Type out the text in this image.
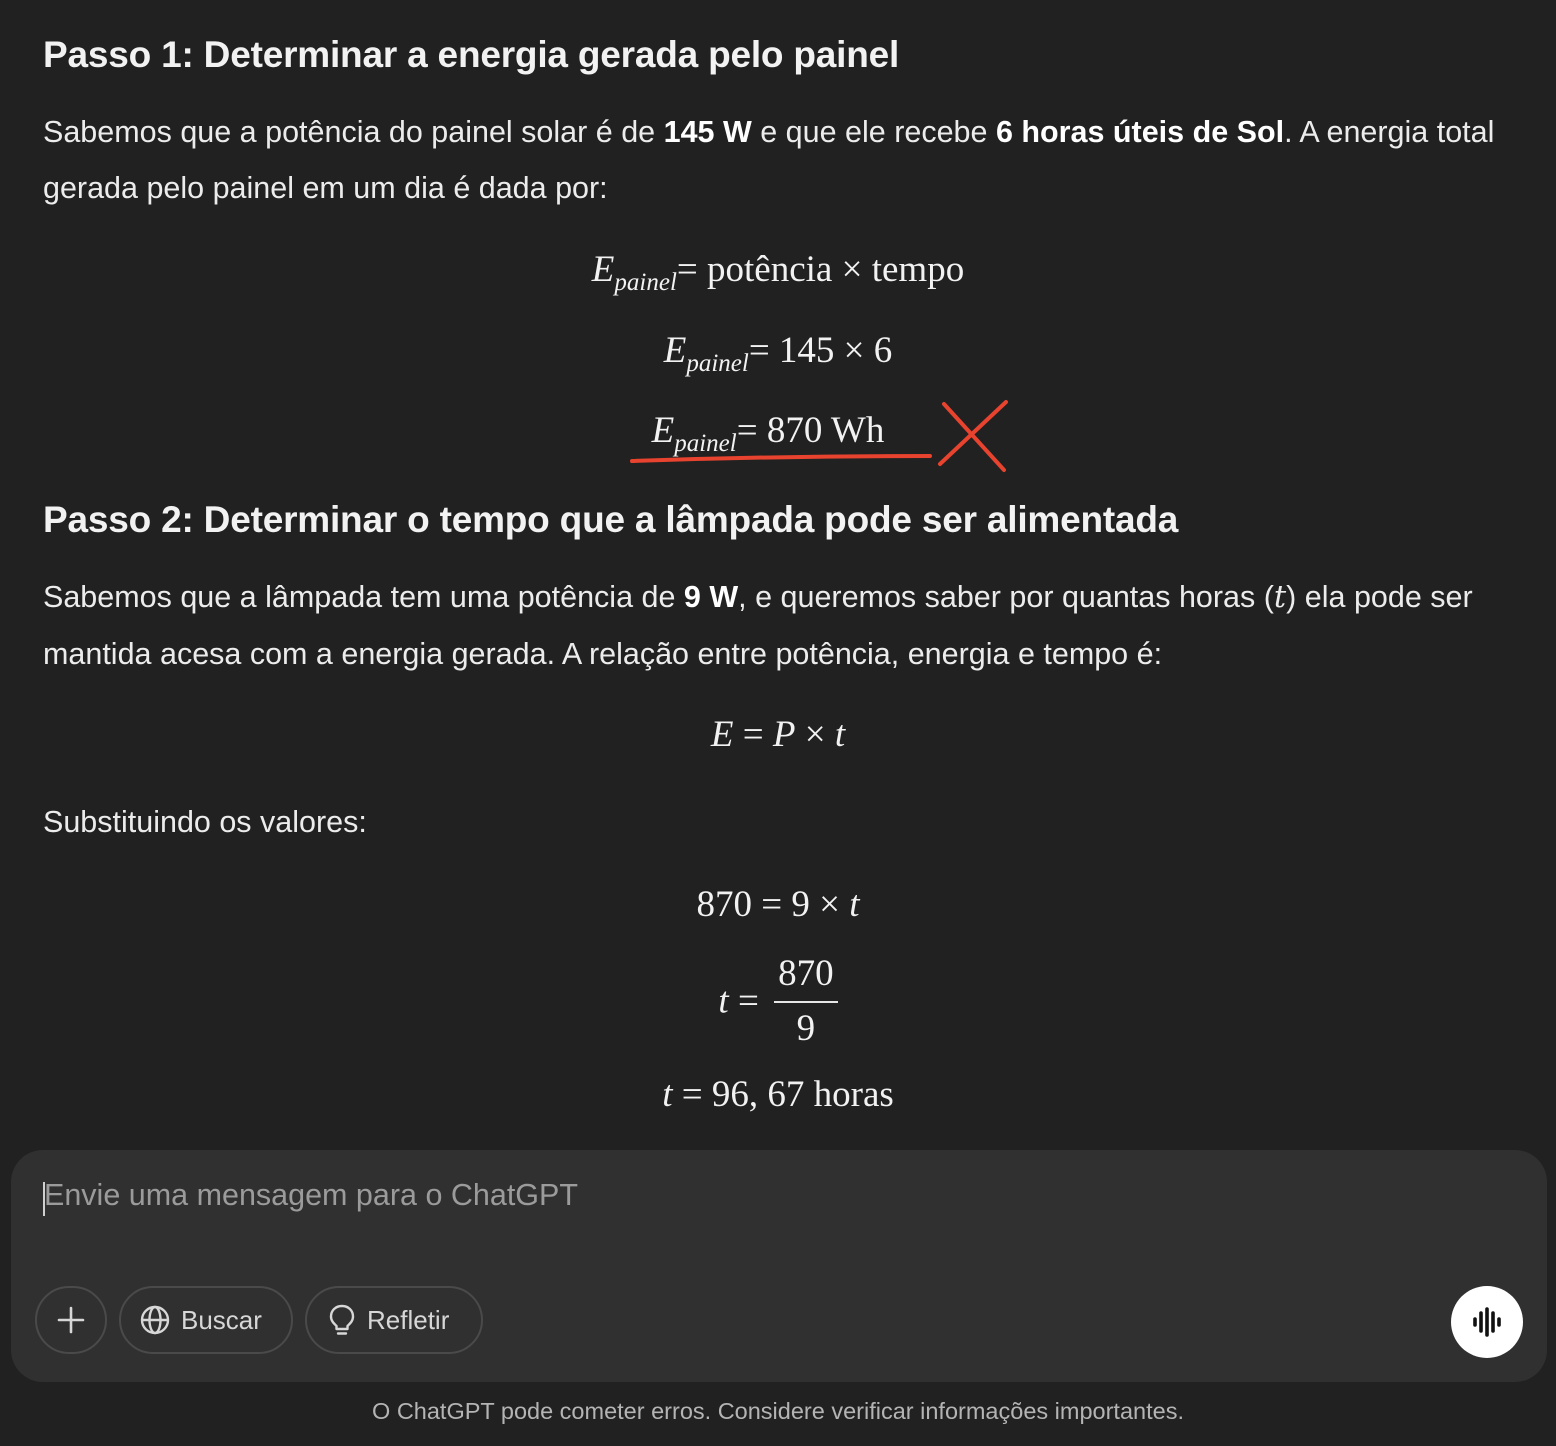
Passo 1: Determinar a energia gerada pelo painel

Sabemos que a potência do painel solar é de 145 W e que ele recebe 6 horas úteis de Sol. A energia total gerada pelo painel em um dia é dada por:

Passo 2: Determinar o tempo que a lâmpada pode ser alimentada

Sabemos que a lâmpada tem uma potência de 9 W, e queremos saber por quantas horas (t) ela pode ser mantida acesa com a energia gerada. A relação entre potência, energia e tempo é:

Substituindo os valores:

$E_{painel}=$ potência × tempo
$E_{painel}= 145 \times 6$
$E_{painel}= 870$ Wh
E = P × t
870 = 9 × t
$t = \frac{870}{9}$
t = 96, 67 horas
Envie uma mensagem para o ChatGPT
Buscar	Refletir
O ChatGPT pode cometer erros. Considere verificar informações importantes.
